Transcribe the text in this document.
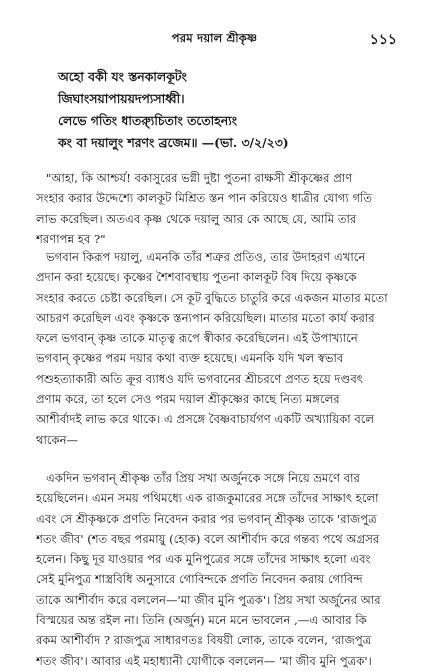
পরম দয়াল শ্রীকৃষ্ণ	১১১
অহো বকী যং স্তনকালকূটং
জিঘাংসয়াপায়য়দপ্যসাধ্বী।
লেভে গতিং ধাত্র্যুচিতাং ততোহন্যং
কং বা দয়ালুং শরণং ব্রজেম॥ —(ভা. ৩/২/২৩)
"আহা, কি আশ্চর্য! বকাসুরের ভগ্নী দুষ্টা পুতনা রাক্ষসী শ্রীকৃষ্ণের প্রাণ
সংহার করার উদ্দেশ্যে কালকূট মিশ্রিত স্তন পান করিয়েও ধাত্রীর যোগ্য গতি
লাভ করেছিল। অতএব কৃষ্ণ থেকে দয়ালু আর কে আছে যে, আমি তার
শরণাপন্ন হব ?"
ভগবান কিরূপ দয়ালু, এমনকি তাঁর শত্রুর প্রতিও, তার উদাহরণ এখানে
প্রদান করা হয়েছে। কৃষ্ণের শৈশবাবস্থায় পুতনা কালকূট বিষ দিয়ে কৃষ্ণকে
সংহার করতে চেষ্টা করেছিল। সে কূট বুদ্ধিতে চাতুরি করে একজন মাতার মতো
আচরণ করেছিল এবং কৃষ্ণকে স্তন্যপান করিয়েছিল। মাতার মতো কার্য করার
ফলে ভগবান্ কৃষ্ণ তাকে মাতৃত্ব রূপে স্বীকার করেছিলেন। এই উপাখ্যানে
ভগবান্ কৃষ্ণের পরম দয়ার কথা ব্যক্ত হয়েছে। এমনকি যদি খল স্বভাব
পশুহত্যাকারী অতি ক্রূর ব্যাধও যদি ভগবানের শ্রীচরণে প্রণত হয়ে দণ্ডবৎ
প্রণাম করে, তা হলে সেও পরম দয়াল শ্রীকৃষ্ণের কাছে নিত্য মঙ্গলের
আশীর্বাদই লাভ করে থাকে। এ প্রসঙ্গে বৈষ্ণবাচার্যগণ একটি অখ্যায়িকা বলে
থাকেন—
একদিন ভগবান্ শ্রীকৃষ্ণ তাঁর প্রিয় সখা অর্জুনকে সঙ্গে নিয়ে ভ্রমণে বার
হয়েছিলেন। এমন সময় পথিমধ্যে এক রাজকুমারের সঙ্গে তাঁদের সাক্ষাৎ হলো
এবং সে শ্রীকৃষ্ণকে প্রণতি নিবেদন করার পর ভগবান্ শ্রীকৃষ্ণ তাকে 'রাজপুত্র
শতং জীব' (শত বছর পরমায়ু (হোক) বলে আশীর্বাদ করে গন্তব্য পথে অগ্রসর
হলেন। কিছু দূর যাওয়ার পর এক মুনিপুত্রের সঙ্গে তাঁদের সাক্ষাৎ হলো এবং
সেই মুনিপুত্র শাস্ত্রবিধি অনুসারে গোবিন্দকে প্রণতি নিবেদন করায় গোবিন্দ
তাকে আশীর্বাদ করে বললেন—'মা জীব মুনি পুত্রক'। প্রিয় সখা অর্জুনের আর
বিস্ময়ের অন্ত রইল না। তিনি (অর্জুন) মনে মনে ভাবলেন ,—এ আবার কি
রকম আশীর্বাদ ? রাজপুত্র সাধারণতঃ বিষয়ী লোক, তাকে বলেন, 'রাজপুত্র
শতং জীব'। আবার এই মহাধ্যানী যোগীকে বললেন— 'মা জীব মুনি পুত্রক'।
